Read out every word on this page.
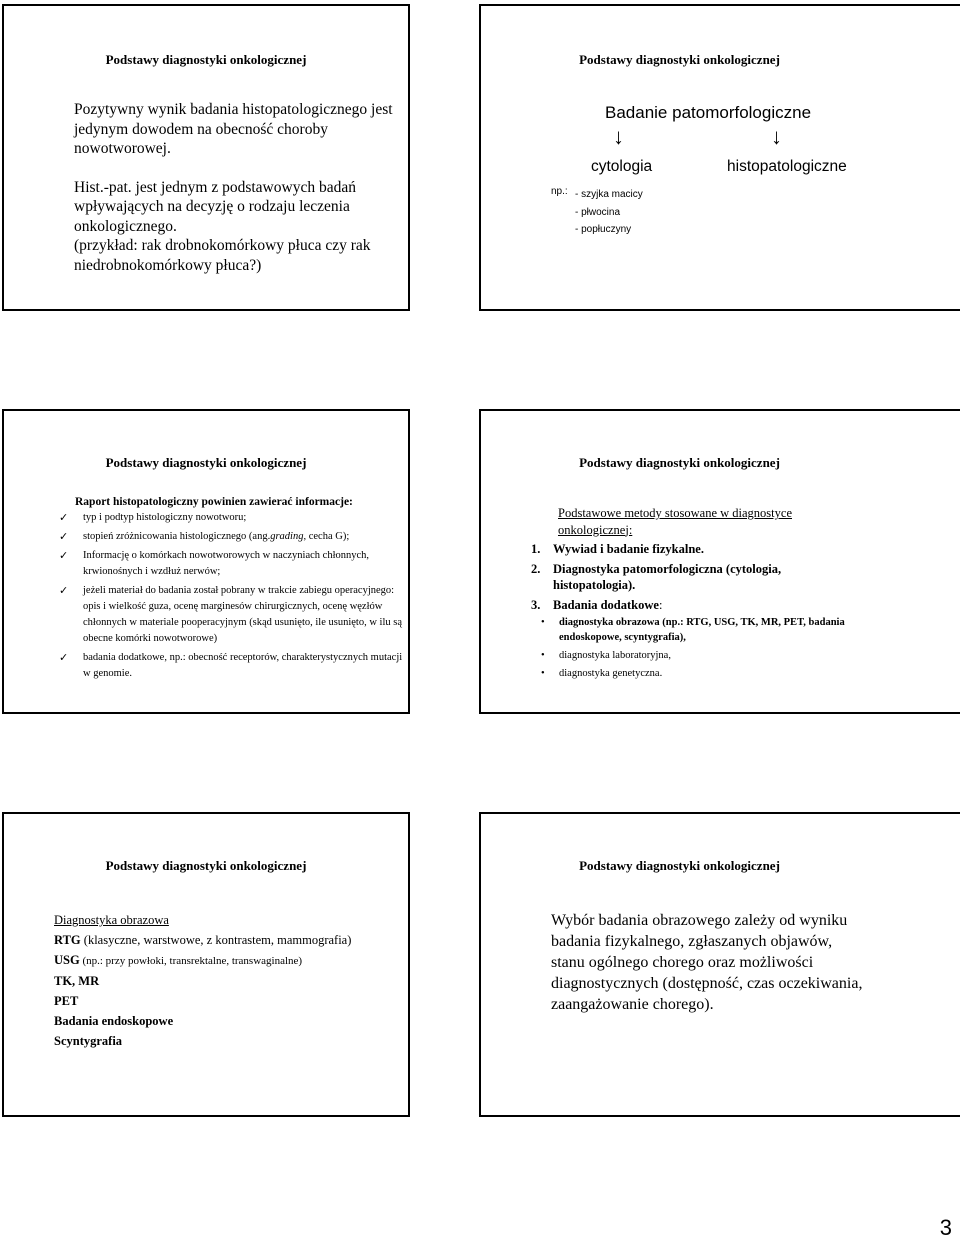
Podstawy diagnostyki onkologicznej
Pozytywny wynik badania histopatologicznego jest jedynym dowodem na obecność choroby nowotworowej.
Hist.-pat. jest jednym z podstawowych badań wpływających na decyzję o rodzaju leczenia onkologicznego.
(przykład: rak drobnokomórkowy płuca czy rak niedrobnokomórkowy płuca?)
Podstawy diagnostyki onkologicznej
Badanie patomorfologiczne
↓	↓
cytologia	histopatologiczne
np.: - szyjka macicy
- płwocina
- popłuczyny
Podstawy diagnostyki onkologicznej
Raport histopatologiczny powinien zawierać informacje:
✓ typ i podtyp histologiczny nowotworu;
✓ stopień zróżnicowania histologicznego (ang.grading, cecha G);
✓ Informację o komórkach nowotworowych w naczyniach chłonnych, krwionośnych i wzdłuż nerwów;
✓ jeżeli materiał do badania został pobrany w trakcie zabiegu operacyjnego: opis i wielkość guza, ocenę marginesów chirurgicznych, ocenę węzłów chłonnych w materiale pooperacyjnym (skąd usunięto, ile usunięto, w ilu są obecne komórki nowotworowe)
✓ badania dodatkowe, np.: obecność receptorów, charakterystycznych mutacji w genomie.
Podstawy diagnostyki onkologicznej
Podstawowe metody stosowane w diagnostyce onkologicznej:
1. Wywiad i badanie fizykalne.
2. Diagnostyka patomorfologiczna (cytologia, histopatologia).
3. Badania dodatkowe:
• diagnostyka obrazowa (np.: RTG, USG, TK, MR, PET, badania endoskopowe, scyntygrafia),
• diagnostyka laboratoryjna,
• diagnostyka genetyczna.
Podstawy diagnostyki onkologicznej
Diagnostyka obrazowa
RTG (klasyczne, warstwowe, z kontrastem, mammografia)
USG (np.: przy powłoki, transrektalne, transwaginalne)
TK, MR
PET
Badania endoskopowe
Scyntygrafia
Podstawy diagnostyki onkologicznej
Wybór badania obrazowego zależy od wyniku badania fizykalnego, zgłaszanych objawów, stanu ogólnego chorego oraz możliwości diagnostycznych (dostępność, czas oczekiwania, zaangażowanie chorego).
3
